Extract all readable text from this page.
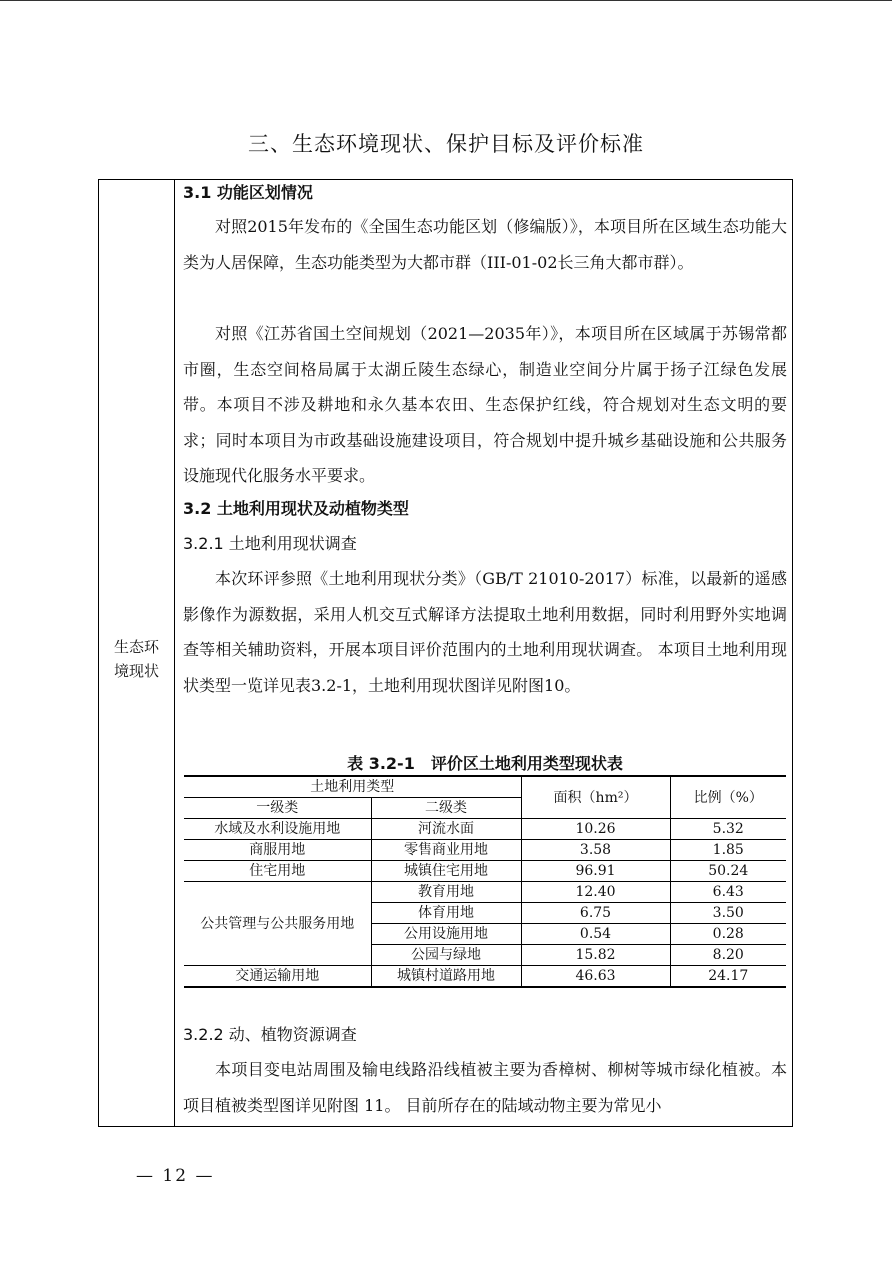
三、生态环境现状、保护目标及评价标准
生态环
境现状
3.1 功能区划情况

对照2015年发布的《全国生态功能区划（修编版）》，本项目所在区域生态功能大类为人居保障，生态功能类型为大都市群（III-01-02长三角大都市群）。

对照《江苏省国土空间规划（2021—2035年）》，本项目所在区域属于苏锡常都市圈，生态空间格局属于太湖丘陵生态绿心，制造业空间分片属于扬子江绿色发展带。本项目不涉及耕地和永久基本农田、生态保护红线，符合规划对生态文明的要求；同时本项目为市政基础设施建设项目，符合规划中提升城乡基础设施和公共服务设施现代化服务水平要求。

3.2 土地利用现状及动植物类型
3.2.1 土地利用现状调查

本次环评参照《土地利用现状分类》（GB/T 21010-2017）标准，以最新的遥感影像作为源数据，采用人机交互式解译方法提取土地利用数据，同时利用野外实地调查等相关辅助资料，开展本项目评价范围内的土地利用现状调查。 本项目土地利用现状类型一览详见表3.2-1，土地利用现状图详见附图10。

表 3.2-1　评价区土地利用类型现状表
土地利用类型		面积（hm²）	比例（%）
一级类	二级类		
水域及水利设施用地	河流水面	10.26	5.32
商服用地	零售商业用地	3.58	1.85
住宅用地	城镇住宅用地	96.91	50.24
公共管理与公共服务用地	教育用地	12.40	6.43
	体育用地	6.75	3.50
	公用设施用地	0.54	0.28
	公园与绿地	15.82	8.20
交通运输用地	城镇村道路用地	46.63	24.17
3.2.2 动、植物资源调查

本项目变电站周围及输电线路沿线植被主要为香樟树、柳树等城市绿化植被。本项目植被类型图详见附图 11。 目前所存在的陆域动物主要为常见小

— 12 —
